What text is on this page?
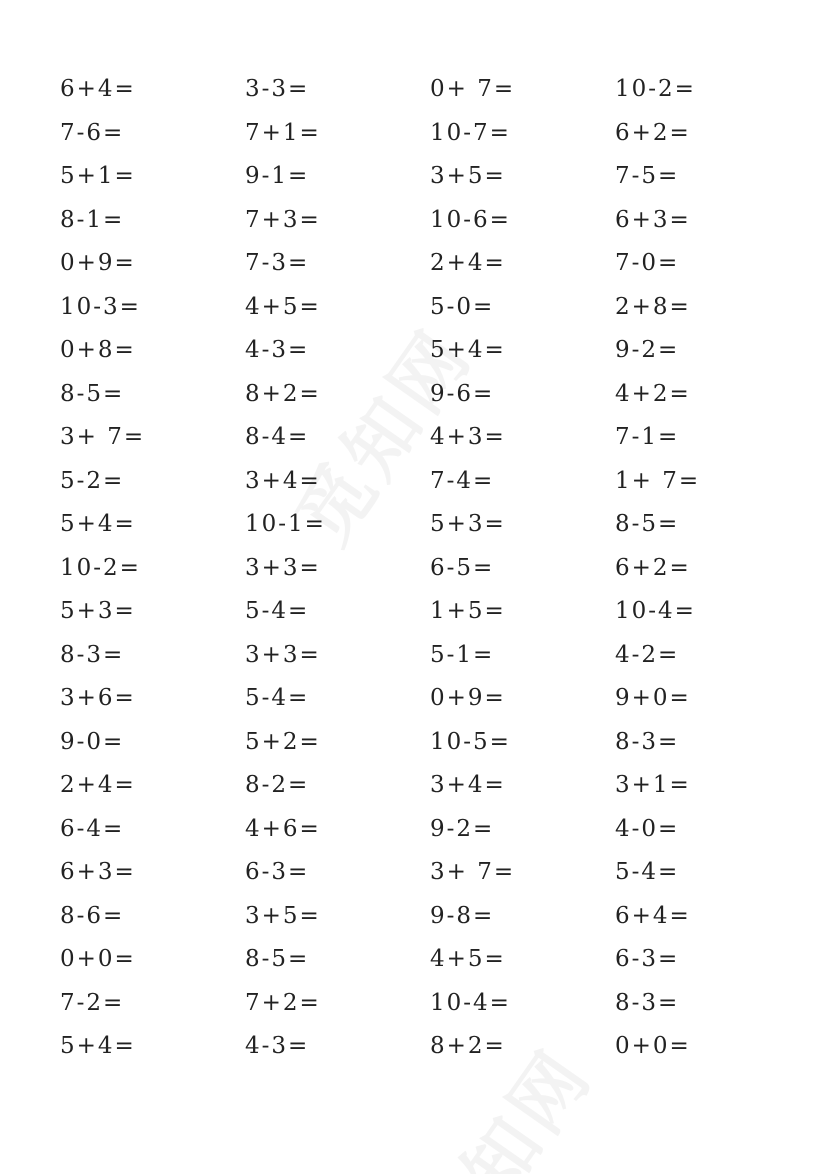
6+4=	3-3=	0+ 7=	10-2=
7-6=	7+1=	10-7=	6+2=
5+1=	9-1=	3+5=	7-5=
8-1=	7+3=	10-6=	6+3=
0+9=	7-3=	2+4=	7-0=
10-3=	4+5=	5-0=	2+8=
0+8=	4-3=	5+4=	9-2=
8-5=	8+2=	9-6=	4+2=
3+ 7=	8-4=	4+3=	7-1=
5-2=	3+4=	7-4=	1+ 7=
5+4=	10-1=	5+3=	8-5=
10-2=	3+3=	6-5=	6+2=
5+3=	5-4=	1+5=	10-4=
8-3=	3+3=	5-1=	4-2=
3+6=	5-4=	0+9=	9+0=
9-0=	5+2=	10-5=	8-3=
2+4=	8-2=	3+4=	3+1=
6-4=	4+6=	9-2=	4-0=
6+3=	6-3=	3+ 7=	5-4=
8-6=	3+5=	9-8=	6+4=
0+0=	8-5=	4+5=	6-3=
7-2=	7+2=	10-4=	8-3=
5+4=	4-3=	8+2=	0+0=
